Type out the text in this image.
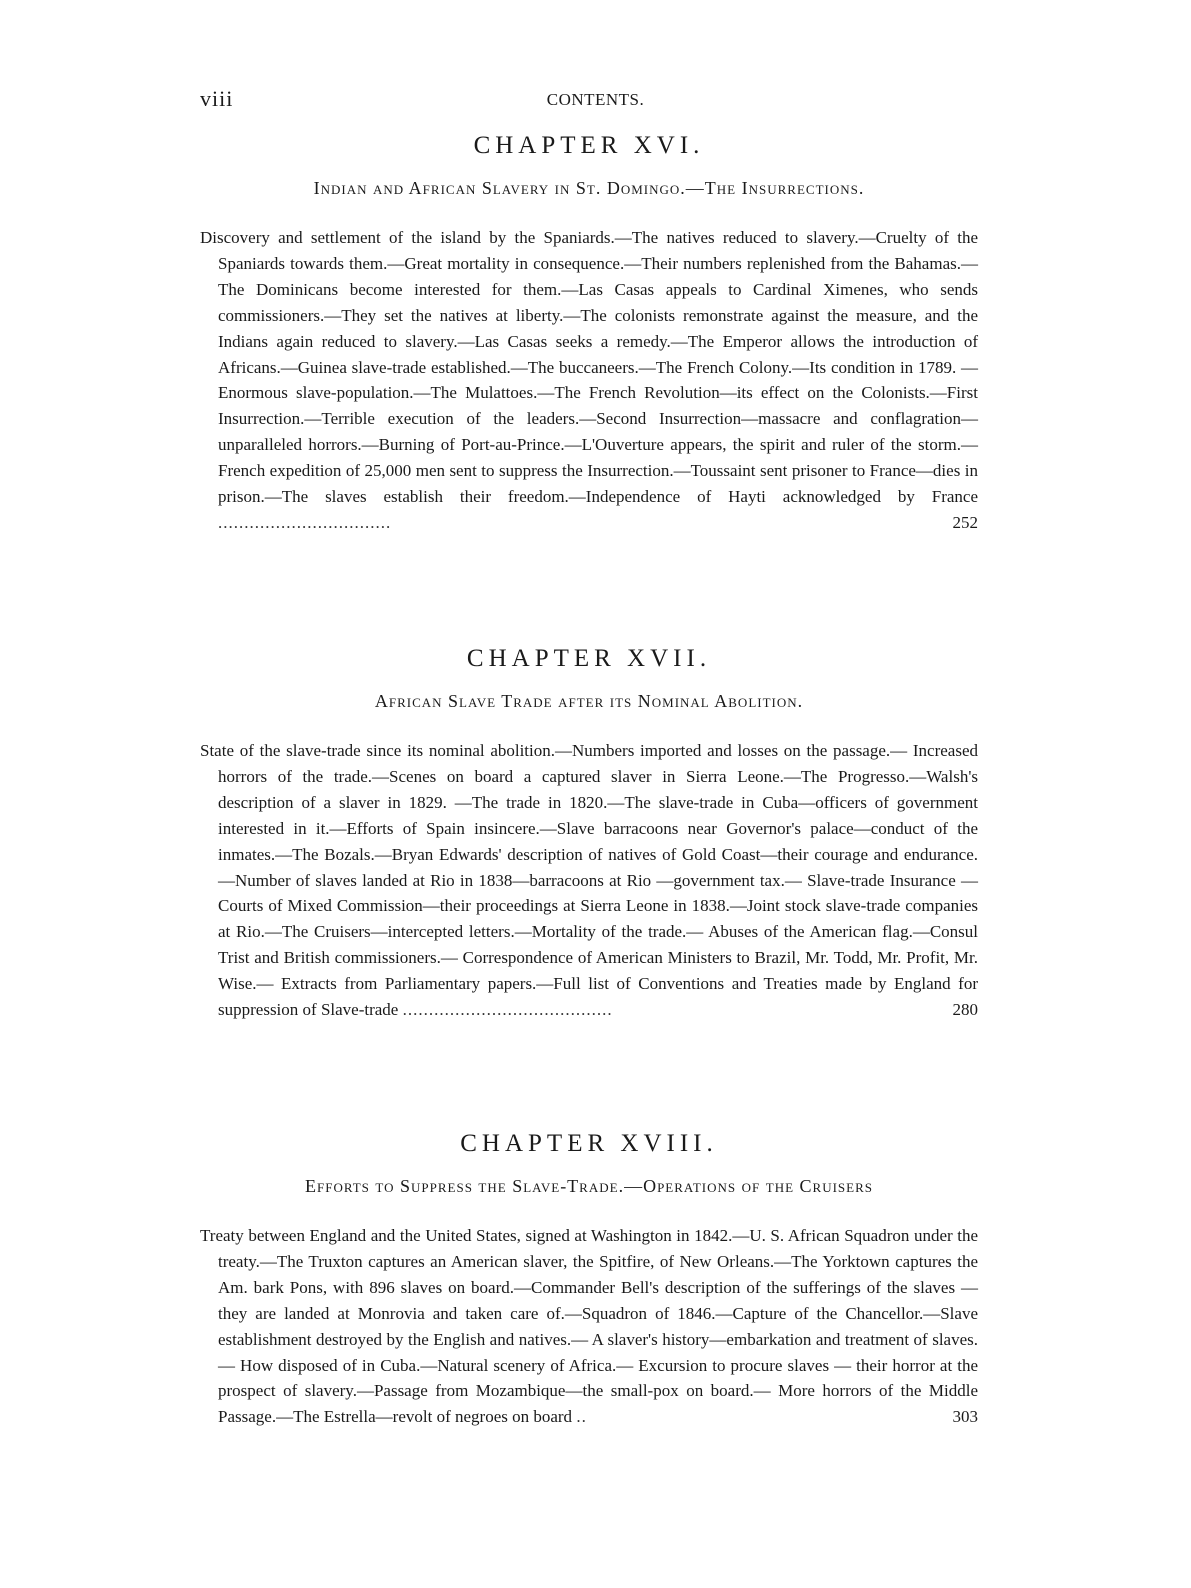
viii	CONTENTS.
CHAPTER XVI.
Indian and African Slavery in St. Domingo.—The Insurrections.

Discovery and settlement of the island by the Spaniards.—The natives reduced to slavery.—Cruelty of the Spaniards towards them.—Great mortality in consequence.—Their numbers replenished from the Bahamas.—The Dominicans become interested for them.—Las Casas appeals to Cardinal Ximenes, who sends commissioners.—They set the natives at liberty.—The colonists remonstrate against the measure, and the Indians again reduced to slavery.—Las Casas seeks a remedy.—The Emperor allows the introduction of Africans.—Guinea slave-trade established.—The buccaneers.—The French Colony.—Its condition in 1789. —Enormous slave-population.—The Mulattoes.—The French Revolution—its effect on the Colonists.—First Insurrection.—Terrible execution of the leaders.—Second Insurrection—massacre and conflagration—unparalleled horrors.—Burning of Port-au-Prince.—L'Ouverture appears, the spirit and ruler of the storm.—French expedition of 25,000 men sent to suppress the Insurrection.—Toussaint sent prisoner to France—dies in prison.—The slaves establish their freedom.—Independence of Hayti acknowledged by France .................................	252

CHAPTER XVII.
African Slave Trade after its Nominal Abolition.

State of the slave-trade since its nominal abolition.—Numbers imported and losses on the passage.— Increased horrors of the trade.—Scenes on board a captured slaver in Sierra Leone.—The Progresso.—Walsh's description of a slaver in 1829. —The trade in 1820.—The slave-trade in Cuba—officers of government interested in it.—Efforts of Spain insincere.—Slave barracoons near Governor's palace—conduct of the inmates.—The Bozals.—Bryan Edwards' description of natives of Gold Coast—their courage and endurance.—Number of slaves landed at Rio in 1838—barracoons at Rio —government tax.— Slave-trade Insurance — Courts of Mixed Commission—their proceedings at Sierra Leone in 1838.—Joint stock slave-trade companies at Rio.—The Cruisers—intercepted letters.—Mortality of the trade.— Abuses of the American flag.—Consul Trist and British commissioners.— Correspondence of American Ministers to Brazil, Mr. Todd, Mr. Profit, Mr. Wise.— Extracts from Parliamentary papers.—Full list of Conventions and Treaties made by England for suppression of Slave-trade ........................................	280

CHAPTER XVIII.
Efforts to Suppress the Slave-Trade.—Operations of the Cruisers

Treaty between England and the United States, signed at Washington in 1842.—U. S. African Squadron under the treaty.—The Truxton captures an American slaver, the Spitfire, of New Orleans.—The Yorktown captures the Am. bark Pons, with 896 slaves on board.—Commander Bell's description of the sufferings of the slaves —they are landed at Monrovia and taken care of.—Squadron of 1846.—Capture of the Chancellor.—Slave establishment destroyed by the English and natives.— A slaver's history—embarkation and treatment of slaves.— How disposed of in Cuba.—Natural scenery of Africa.— Excursion to procure slaves — their horror at the prospect of slavery.—Passage from Mozambique—the small-pox on board.— More horrors of the Middle Passage.—The Estrella—revolt of negroes on board ..	303
